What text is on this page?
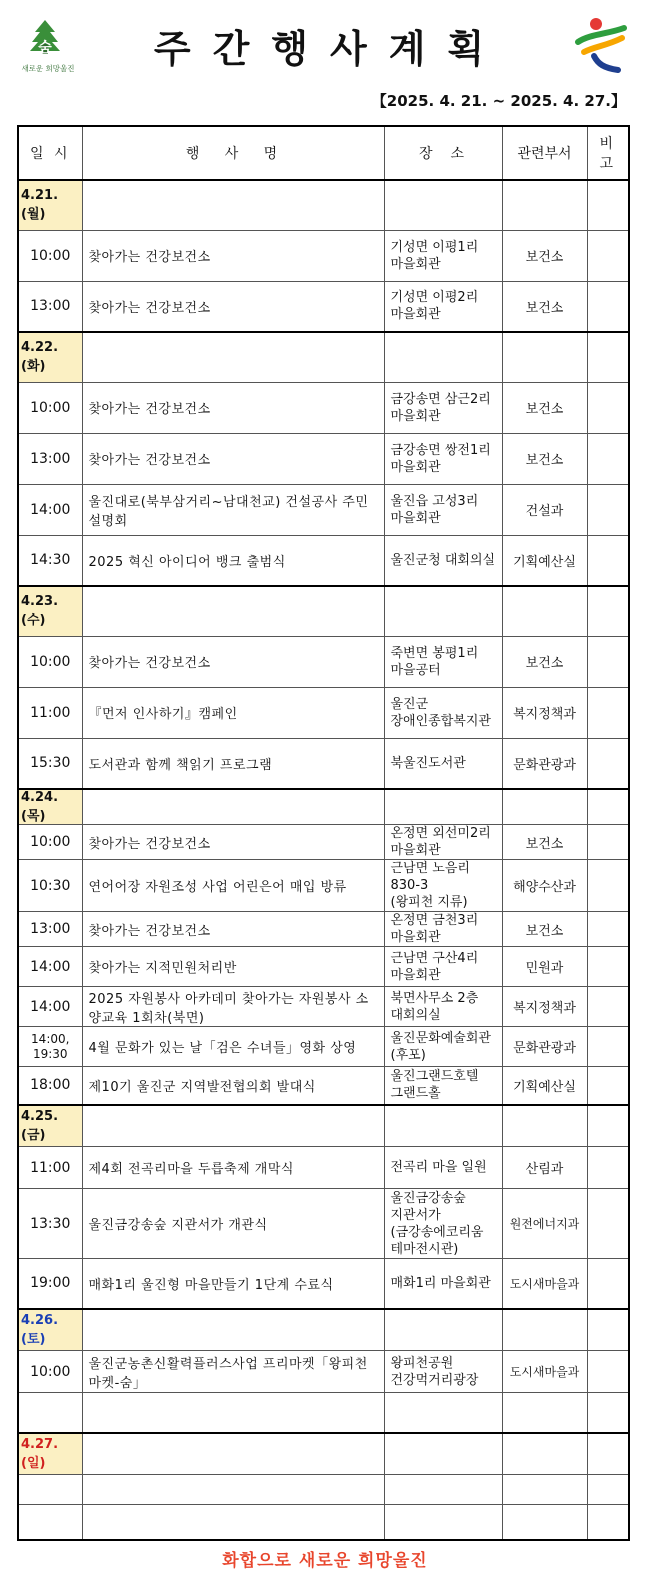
숨
새로운 희망울진	주간행사계획
【2025. 4. 21. ~ 2025. 4. 27.】
일 시	행   사   명	장  소	관련부서	비 고
4.21.(월)				
10:00	찾아가는 건강보건소	기성면 이평1리
마을회관	보건소	
13:00	찾아가는 건강보건소	기성면 이평2리
마을회관	보건소	
4.22.(화)				
10:00	찾아가는 건강보건소	금강송면 삼근2리
마을회관	보건소	
13:00	찾아가는 건강보건소	금강송면 쌍전1리
마을회관	보건소	
14:00	울진대로(북부삼거리~남대천교) 건설공사 주민설명회	울진읍 고성3리
마을회관	건설과	
14:30	2025 혁신 아이디어 뱅크 출범식	울진군청 대회의실	기획예산실	
4.23.(수)				
10:00	찾아가는 건강보건소	죽변면 봉평1리
마을공터	보건소	
11:00	『먼저 인사하기』캠페인	울진군
장애인종합복지관	복지정책과	
15:30	도서관과 함께 책읽기 프로그램	북울진도서관	문화관광과	
4.24.(목)				
10:00	찾아가는 건강보건소	온정면 외선미2리
마을회관	보건소	
10:30	연어어장 자원조성 사업 어린은어 매입 방류	근남면 노음리
830-3
(왕피천 지류)	해양수산과	
13:00	찾아가는 건강보건소	온정면 금천3리
마을회관	보건소	
14:00	찾아가는 지적민원처리반	근남면 구산4리
마을회관	민원과	
14:00	2025 자원봉사 아카데미 찾아가는 자원봉사 소양교육 1회차(북면)	북면사무소 2층
대회의실	복지정책과	
14:00, 19:30	4월 문화가 있는 날「검은 수녀들」영화 상영	울진문화예술회관
(후포)	문화관광과	
18:00	제10기 울진군 지역발전협의회 발대식	울진그랜드호텔
그랜드홀	기획예산실	
4.25.(금)				
11:00	제4회 전곡리마을 두릅축제 개막식	전곡리 마을 일원	산림과	
13:30	울진금강송숲 지관서가 개관식	울진금강송숲
지관서가
(금강송에코리움
테마전시관)	원전에너지과	
19:00	매화1리 울진형 마을만들기 1단계 수료식	매화1리 마을회관	도시새마을과	
4.26.(토)				
10:00	울진군농촌신활력플러스사업 프리마켓「왕피천마켓-숨」	왕피천공원
건강먹거리광장	도시새마을과	

4.27.(일)				

화합으로 새로운 희망울진
